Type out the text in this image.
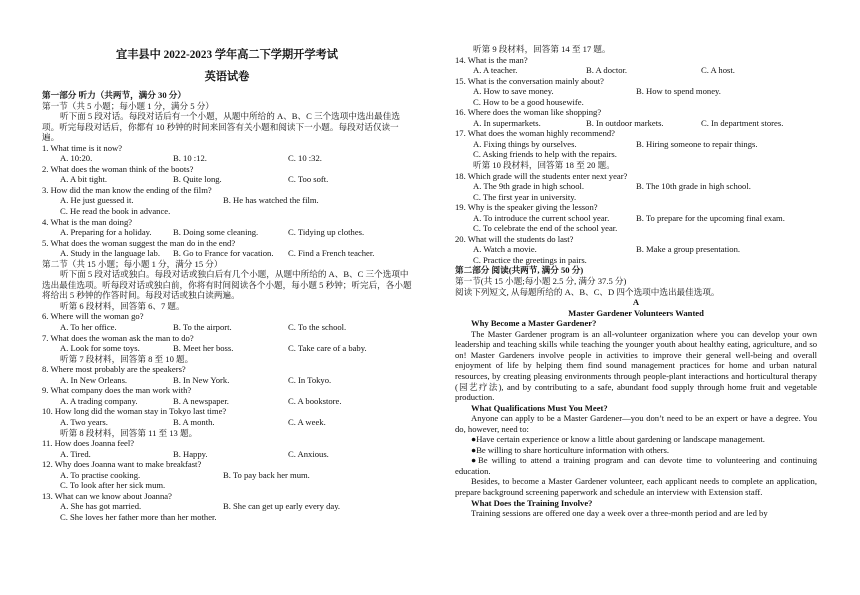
宜丰县中 2022-2023 学年高二下学期开学考试

英语试卷

第一部分 听力（共两节，满分 30 分）

第一节（共 5 小题；每小题 1 分，满分 5 分）

听下面 5 段对话。每段对话后有一个小题，从题中所给的 A、B、C 三个选项中选出最佳选项。听完每段对话后，你都有 10 秒钟的时间来回答有关小题和阅读下一小题。每段对话仅读一遍。

1. What time is it now?

A. 10:20.	B. 10 :12.	C. 10 :32.

2. What does the woman think of the boots?

A. A bit tight.	B. Quite long.	C. Too soft.

3. How did the man know the ending of the film?

A. He just guessed it.	B. He has watched the film.

C. He read the book in advance.

4. What is the man doing?

A. Preparing for a holiday.	B. Doing some cleaning.	C. Tidying up clothes.

5. What does the woman suggest the man do in the end?

A. Study in the language lab.	B. Go to France for vacation.	C. Find a French teacher.

第二节（共 15 小题；每小题 1 分，满分 15 分）

听下面 5 段对话或独白。每段对话或独白后有几个小题，从题中所给的 A、B、C 三个选项中选出最佳选项。听每段对话或独白前，你将有时间阅读各个小题，每小题 5 秒钟；听完后，各小题将给出 5 秒钟的作答时间。每段对话或独白读两遍。

听第 6 段材料，回答第 6、7 题。

6. Where will the woman go?

A. To her office.	B. To the airport.	C. To the school.

7. What does the woman ask the man to do?

A. Look for some toys.	B. Meet her boss.	C. Take care of a baby.

听第 7 段材料，回答第 8 至 10 题。

8. Where most probably are the speakers?

A. In New Orleans.	B. In New York.	C. In Tokyo.

9. What company does the man work with?

A. A trading company.	B. A newspaper.	C. A bookstore.

10. How long did the woman stay in Tokyo last time?

A. Two years.	B. A month.	C. A week.

听第 8 段材料，回答第 11 至 13 题。

11. How does Joanna feel?

A. Tired.	B. Happy.	C. Anxious.

12. Why does Joanna want to make breakfast?

A. To practise cooking.	B. To pay back her mum.

C. To look after her sick mum.

13. What can we know about Joanna?

A. She has got married.	B. She can get up early every day.

C. She loves her father more than her mother.

听第 9 段材料，回答第 14 至 17 题。

14. What is the man?

A. A teacher.	B. A doctor.	C. A host.

15. What is the conversation mainly about?

A. How to save money.	B. How to spend money.

C. How to be a good housewife.

16. Where does the woman like shopping?

A. In supermarkets.	B. In outdoor markets.	C. In department stores.

17. What does the woman highly recommend?

A. Fixing things by ourselves.	B. Hiring someone to repair things.

C. Asking friends to help with the repairs.

听第 10 段材料，回答第 18 至 20 题。

18. Which grade will the students enter next year?

A. The 9th grade in high school.	B. The 10th grade in high school.

C. The first year in university.

19. Why is the speaker giving the lesson?

A. To introduce the current school year.	B. To prepare for the upcoming final exam.

C. To celebrate the end of the school year.

20. What will the students do last?

A. Watch a movie.	B. Make a group presentation.

C. Practice the greetings in pairs.

第二部分 阅读(共两节, 满分 50 分)

第一节(共 15 小题;每小题 2.5 分, 满分 37.5 分)

阅读下列短文, 从每题所给的 A、B、C、D 四个选项中选出最佳选项。

A

Master Gardener Volunteers Wanted

Why Become a Master Gardener?

The Master Gardener program is an all-volunteer organization where you can develop your own leadership and teaching skills while teaching the younger youth about healthy eating, agriculture, and so on! Master Gardeners involve people in activities to improve their general well-being and overall enjoyment of life by helping them find sound management practices for home and urban natural resources, by creating pleasing environments through people-plant interactions and horticultural therapy (园艺疗法), and by contributing to a safe, abundant food supply through home fruit and vegetable production.

What Qualifications Must You Meet?

Anyone can apply to be a Master Gardener—you don’t need to be an expert or have a degree. You do, however, need to:

●Have certain experience or know a little about gardening or landscape management.

●Be willing to share horticulture information with others.

●Be willing to attend a training program and can devote time to volunteering and continuing education.

Besides, to become a Master Gardener volunteer, each applicant needs to complete an application, prepare background screening paperwork and schedule an interview with Extension staff.

What Does the Training Involve?

Training sessions are offered one day a week over a three-month period and are led by
